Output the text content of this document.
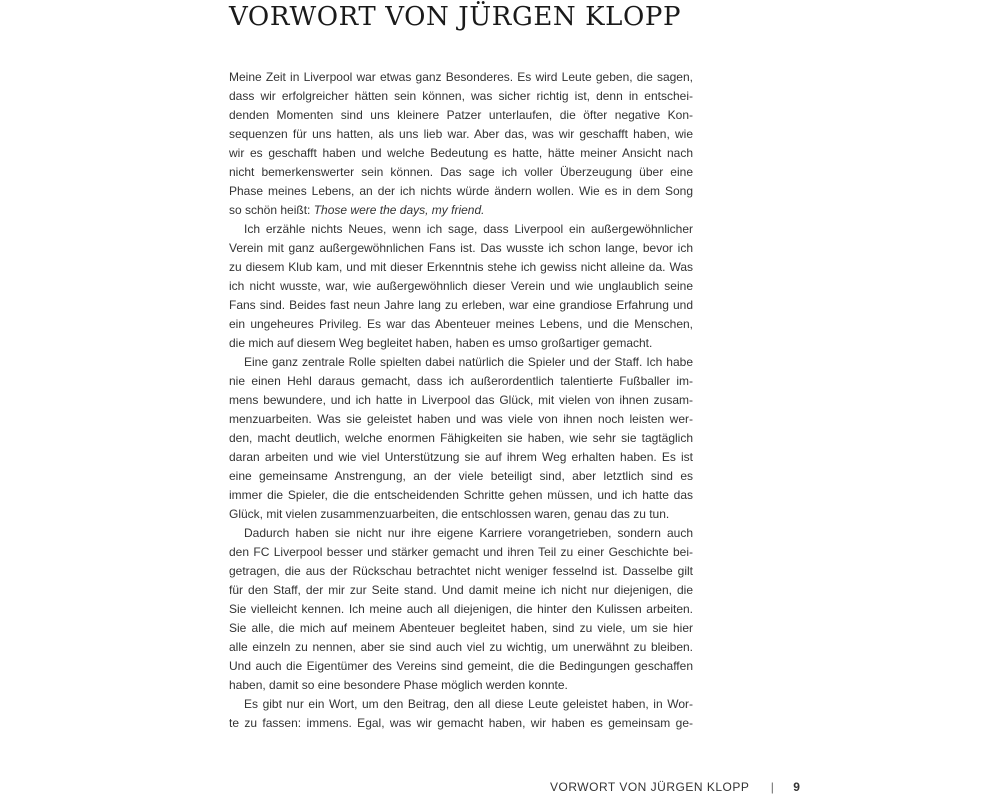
VORWORT VON JÜRGEN KLOPP

Meine Zeit in Liverpool war etwas ganz Besonderes. Es wird Leute geben, die sagen,
dass wir erfolgreicher hätten sein können, was sicher richtig ist, denn in entschei-
denden Momenten sind uns kleinere Patzer unterlaufen, die öfter negative Kon-
sequenzen für uns hatten, als uns lieb war. Aber das, was wir geschafft haben, wie
wir es geschafft haben und welche Bedeutung es hatte, hätte meiner Ansicht nach
nicht bemerkenswerter sein können. Das sage ich voller Überzeugung über eine
Phase meines Lebens, an der ich nichts würde ändern wollen. Wie es in dem Song
so schön heißt: Those were the days, my friend.

Ich erzähle nichts Neues, wenn ich sage, dass Liverpool ein außergewöhnlicher
Verein mit ganz außergewöhnlichen Fans ist. Das wusste ich schon lange, bevor ich
zu diesem Klub kam, und mit dieser Erkenntnis stehe ich gewiss nicht alleine da. Was
ich nicht wusste, war, wie außergewöhnlich dieser Verein und wie unglaublich seine
Fans sind. Beides fast neun Jahre lang zu erleben, war eine grandiose Erfahrung und
ein ungeheures Privileg. Es war das Abenteuer meines Lebens, und die Menschen,
die mich auf diesem Weg begleitet haben, haben es umso großartiger gemacht.

Eine ganz zentrale Rolle spielten dabei natürlich die Spieler und der Staff. Ich habe
nie einen Hehl daraus gemacht, dass ich außerordentlich talentierte Fußballer im-
mens bewundere, und ich hatte in Liverpool das Glück, mit vielen von ihnen zusam-
menzuarbeiten. Was sie geleistet haben und was viele von ihnen noch leisten wer-
den, macht deutlich, welche enormen Fähigkeiten sie haben, wie sehr sie tagtäglich
daran arbeiten und wie viel Unterstützung sie auf ihrem Weg erhalten haben. Es ist
eine gemeinsame Anstrengung, an der viele beteiligt sind, aber letztlich sind es
immer die Spieler, die die entscheidenden Schritte gehen müssen, und ich hatte das
Glück, mit vielen zusammenzuarbeiten, die entschlossen waren, genau das zu tun.

Dadurch haben sie nicht nur ihre eigene Karriere vorangetrieben, sondern auch
den FC Liverpool besser und stärker gemacht und ihren Teil zu einer Geschichte bei-
getragen, die aus der Rückschau betrachtet nicht weniger fesselnd ist. Dasselbe gilt
für den Staff, der mir zur Seite stand. Und damit meine ich nicht nur diejenigen, die
Sie vielleicht kennen. Ich meine auch all diejenigen, die hinter den Kulissen arbeiten.
Sie alle, die mich auf meinem Abenteuer begleitet haben, sind zu viele, um sie hier
alle einzeln zu nennen, aber sie sind auch viel zu wichtig, um unerwähnt zu bleiben.
Und auch die Eigentümer des Vereins sind gemeint, die die Bedingungen geschaffen
haben, damit so eine besondere Phase möglich werden konnte.

Es gibt nur ein Wort, um den Beitrag, den all diese Leute geleistet haben, in Wor-
te zu fassen: immens. Egal, was wir gemacht haben, wir haben es gemeinsam ge-

VORWORT VON JÜRGEN KLOPP | 9
